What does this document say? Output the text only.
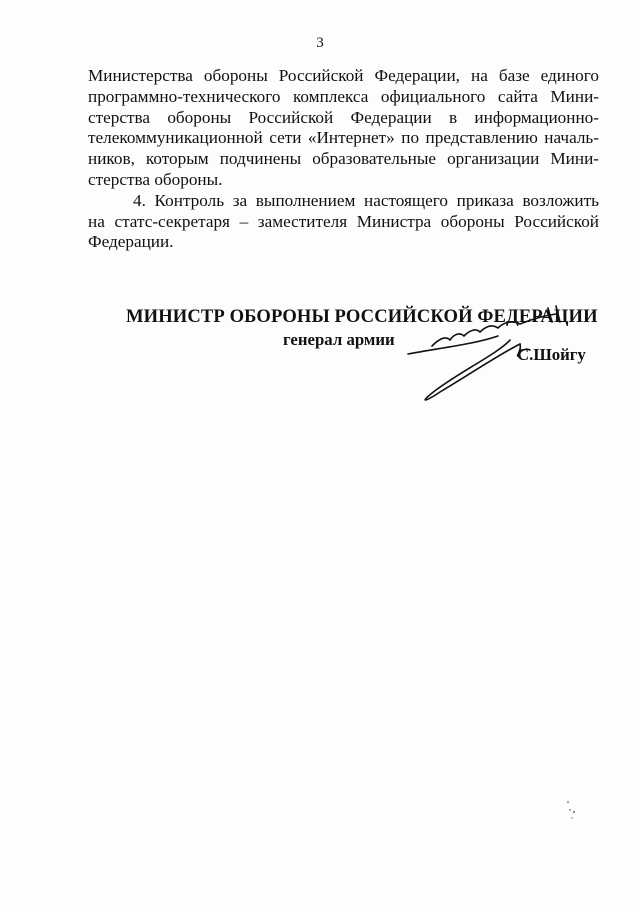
3

Министерства обороны Российской Федерации, на базе единого
программно-технического комплекса официального сайта Мини-
стерства обороны Российской Федерации в информационно-
телекоммуникационной сети «Интернет» по представлению началь-
ников, которым подчинены образовательные организации Мини-
стерства обороны.

4. Контроль за выполнением настоящего приказа возложить
на статс-секретаря – заместителя Министра обороны Российской
Федерации.

МИНИСТР ОБОРОНЫ РОССИЙСКОЙ ФЕДЕРАЦИИ
генерал армии
С.Шойгу
